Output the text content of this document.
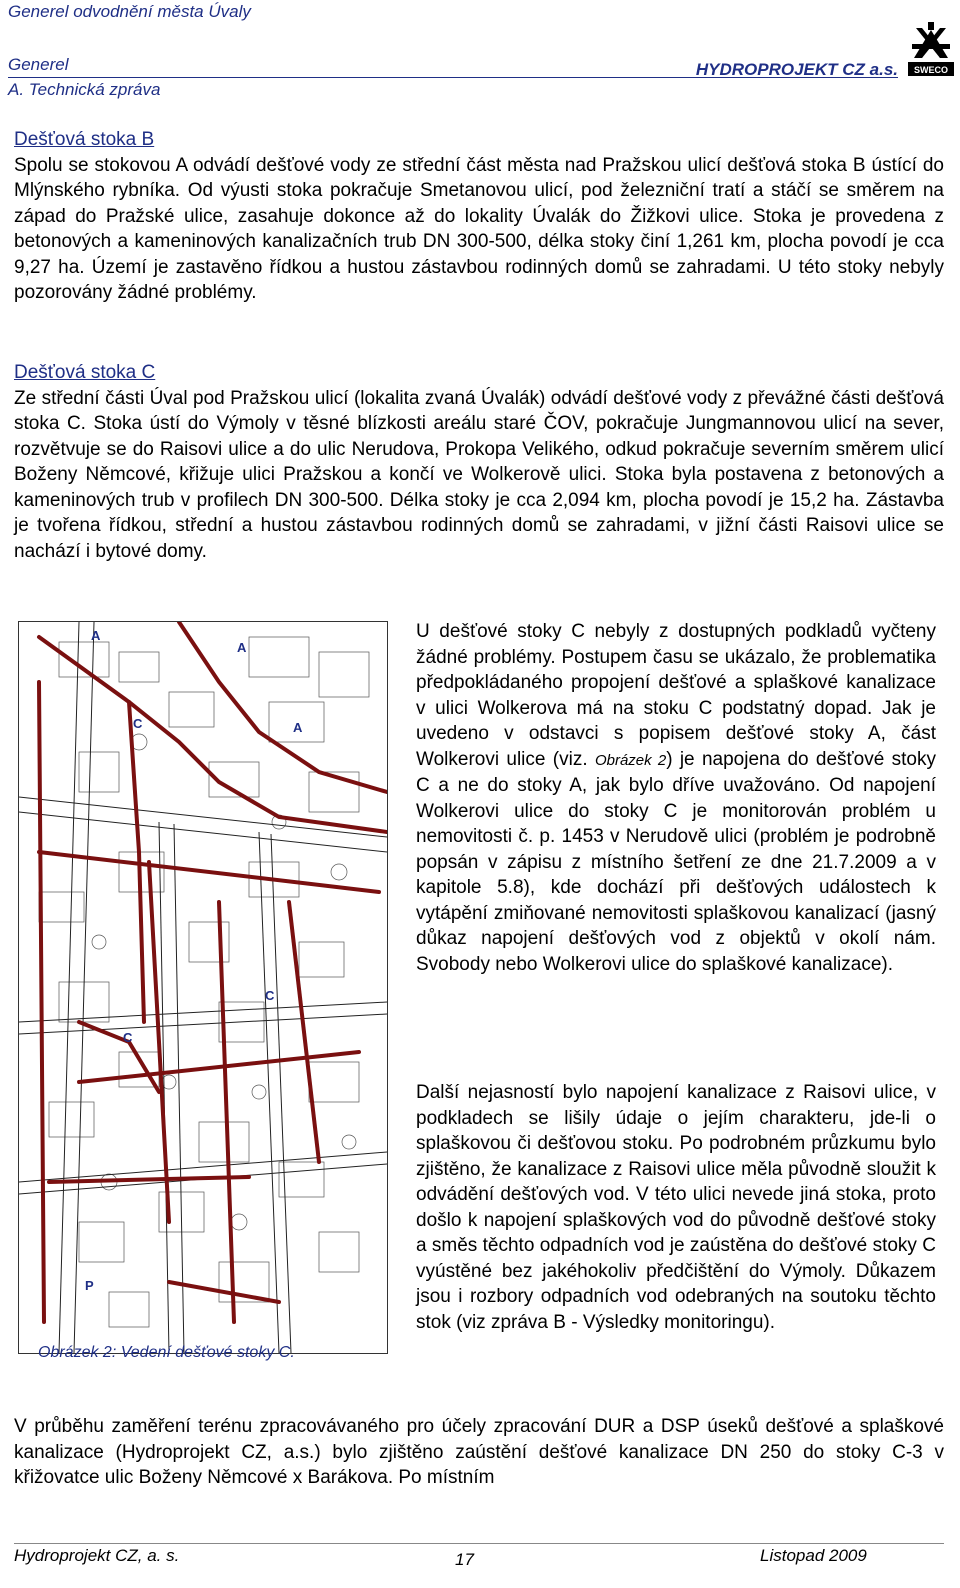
Generel odvodnění města Úvaly
Generel
A. Technická zpráva
HYDROPROJEKT CZ a.s. SWECO

Dešťová stoka B

Spolu se stokovou A odvádí dešťové vody ze střední část města nad Pražskou ulicí dešťová stoka B ústící do Mlýnského rybníka. Od výusti stoka pokračuje Smetanovou ulicí, pod železniční tratí a stáčí se směrem na západ do Pražské ulice, zasahuje dokonce až do lokality Úvalák do Žižkovi ulice. Stoka je provedena z betonových a kameninových kanalizačních trub DN 300-500, délka stoky činí 1,261 km, plocha povodí je cca 9,27 ha. Území je zastavěno řídkou a hustou zástavbou rodinných domů se zahradami. U této stoky nebyly pozorovány žádné problémy.

Dešťová stoka C

Ze střední části Úval pod Pražskou ulicí (lokalita zvaná Úvalák) odvádí dešťové vody z převážné části dešťová stoka C. Stoka ústí do Výmoly v těsné blízkosti areálu staré ČOV, pokračuje Jungmannovou ulicí na sever, rozvětvuje se do Raisovi ulice a do ulic Nerudova, Prokopa Velikého, odkud pokračuje severním směrem ulicí Boženy Němcové, křižuje ulici Pražskou a končí ve Wolkerově ulici. Stoka byla postavena z betonových a kameninových trub v profilech DN 300-500. Délka stoky je cca 2,094 km, plocha povodí je 15,2 ha. Zástavba je tvořena řídkou, střední a hustou zástavbou rodinných domů se zahradami, v jižní části Raisovi ulice se nachází i bytové domy.

A
A
C	A
C
C
P
Obrázek 2: Vedení dešťové stoky C.
U dešťové stoky C nebyly z dostupných podkladů vyčteny žádné problémy. Postupem času se ukázalo, že problematika předpokládaného propojení dešťové a splaškové kanalizace v ulici Wolkerova má na stoku C podstatný dopad. Jak je uvedeno v odstavci s popisem dešťové stoky A, část Wolkerovi ulice (viz. Obrázek 2) je napojena do dešťové stoky C a ne do stoky A, jak bylo dříve uvažováno. Od napojení Wolkerovi ulice do stoky C je monitorován problém u nemovitosti č. p. 1453 v Nerudově ulici (problém je podrobně popsán v zápisu z místního šetření ze dne 21.7.2009 a v kapitole 5.8), kde dochází při dešťových událostech k vytápění zmiňované nemovitosti splaškovou kanalizací (jasný důkaz napojení dešťových vod z objektů v okolí nám. Svobody nebo Wolkerovi ulice do splaškové kanalizace).
Další nejasností bylo napojení kanalizace z Raisovi ulice, v podkladech se lišily údaje o jejím charakteru, jde-li o splaškovou či dešťovou stoku. Po podrobném průzkumu bylo zjištěno, že kanalizace z Raisovi ulice měla původně sloužit k odvádění dešťových vod. V této ulici nevede jiná stoka, proto došlo k napojení splaškových vod do původně dešťové stoky a směs těchto odpadních vod je zaústěna do dešťové stoky C vyústěné bez jakéhokoliv předčištění do Výmoly. Důkazem jsou i rozbory odpadních vod odebraných na soutoku těchto stok (viz zpráva B - Výsledky monitoringu).
V průběhu zaměření terénu zpracovávaného pro účely zpracování DUR a DSP úseků dešťové a splaškové kanalizace (Hydroprojekt CZ, a.s.) bylo zjištěno zaústění dešťové kanalizace DN 250 do stoky C-3 v křižovatce ulic Boženy Němcové x Barákova. Po místním
Hydroprojekt CZ, a. s.	17	Listopad 2009
